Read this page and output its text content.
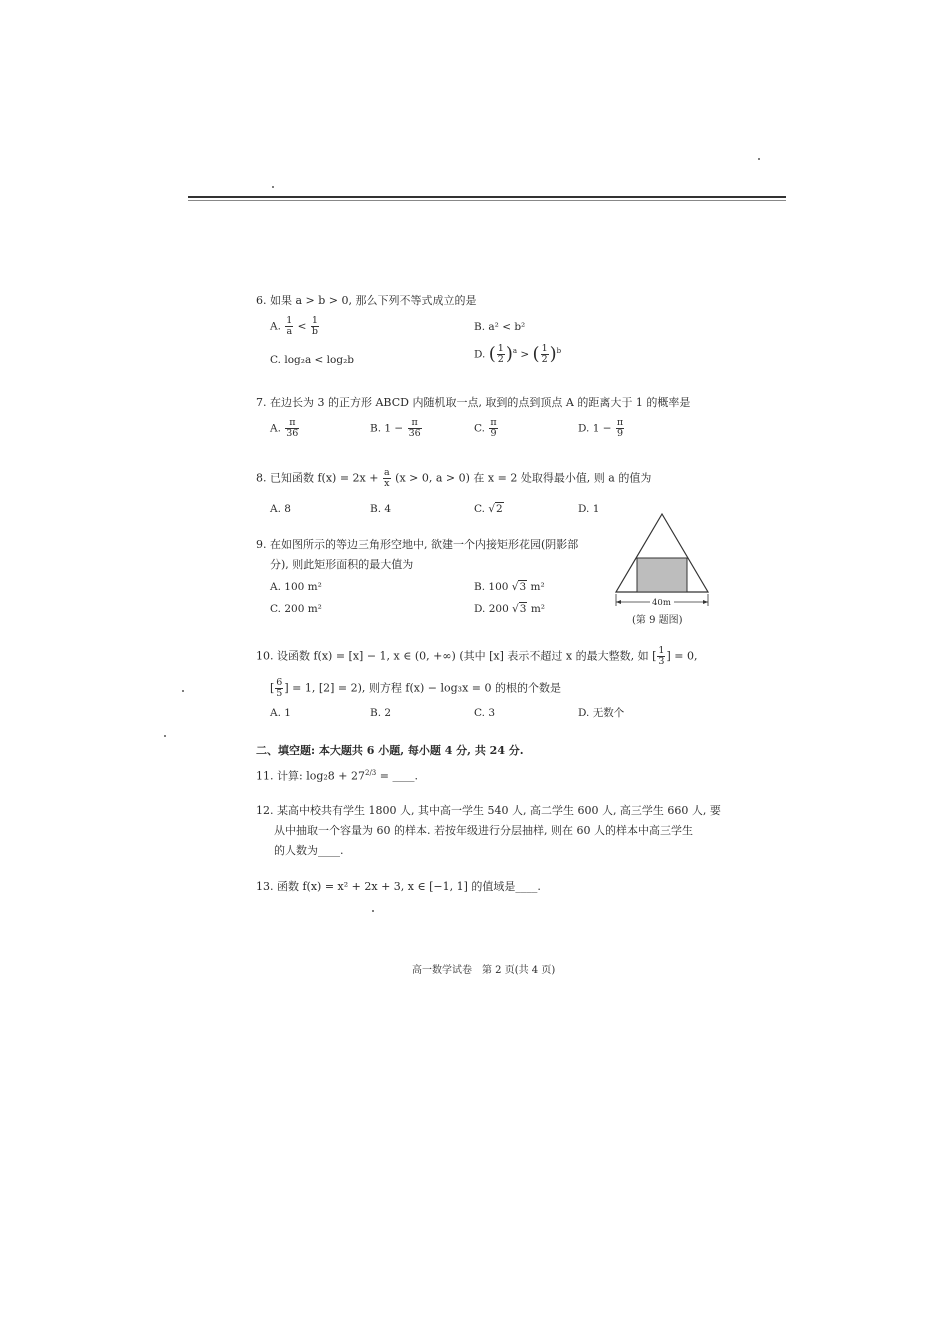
6. 如果 a > b > 0, 那么下列不等式成立的是
A. $\frac{1}{a} < \frac{1}{b}$	B. a² < b²
C. log₂a < log₂b	D. ( $\frac{1}{2} )^a$ > ( $\frac{1}{2} )^b$
7. 在边长为 3 的正方形 ABCD 内随机取一点, 取到的点到顶点 A 的距离大于 1 的概率是
A. $\frac{\pi}{36}$	B. $1 - \frac{\pi}{36}$	C. $\frac{\pi}{9}$	D. $1 - \frac{\pi}{9}$
8. 已知函数 $f(x) = 2x + \frac{a}{x} (x > 0$, a > 0) 在 x = 2 处取得最小值, 则 a 的值为
A. 8	B. 4	C. √2	D. 1
9. 在如图所示的等边三角形空地中, 欲建一个内接矩形花园(阴影部
分), 则此矩形面积的最大值为
A. 100 m²	B. 100 √3 m²
C. 200 m²	D. 200 √3 m²	40m
(第 9 题图)
10. 设函数 f(x) = [x] − 1, x ∈ (0, +∞) (其中 [x] 表示不超过 x 的最大整数, 如 [ $\frac{1}{3}$ ] = 0,
[ $\frac{6}{5}$ ] = 1, [2] = 2), 则方程 f(x) − log₃x = 0 的根的个数是
A. 1	B. 2	C. 3	D. 无数个
二、填空题: 本大题共 6 小题, 每小题 4 分, 共 24 分.
11. 计算: $\log_28 + 27^{2/3}$ = ____.
12. 某高中校共有学生 1800 人, 其中高一学生 540 人, 高二学生 600 人, 高三学生 660 人, 要
从中抽取一个容量为 60 的样本. 若按年级进行分层抽样, 则在 60 人的样本中高三学生
的人数为____.
13. 函数 f(x) = x² + 2x + 3, x ∈ [−1, 1] 的值域是____.
高一数学试卷　第 2 页(共 4 页)
